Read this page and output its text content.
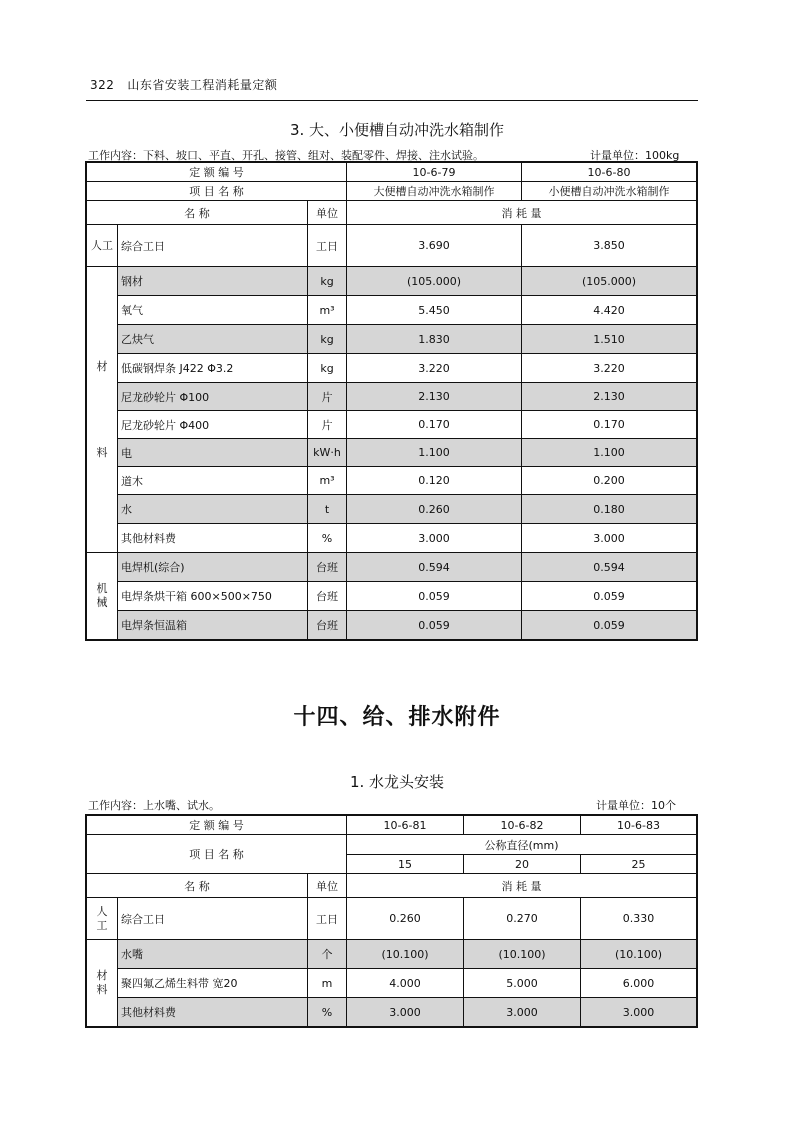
322 山东省安装工程消耗量定额
3. 大、小便槽自动冲洗水箱制作
工作内容：下料、坡口、平直、开孔、接管、组对、装配零件、焊接、注水试验。	计量单位：100kg
定 额 编 号			10-6-79	10-6-80
项 目 名 称			大便槽自动冲洗水箱制作	小便槽自动冲洗水箱制作
名 称		单位	消 耗 量	
人工	综合工日	工日	3.690	3.850

材
料	钢材	kg	(105.000)	(105.000)
	氧气	m³	5.450	4.420
	乙炔气	kg	1.830	1.510
	低碳钢焊条 J422 Φ3.2	kg	3.220	3.220
	尼龙砂轮片 Φ100	片	2.130	2.130
	尼龙砂轮片 Φ400	片	0.170	0.170
	电	kW·h	1.100	1.100
	道木	m³	0.120	0.200
	水	t	0.260	0.180
	其他材料费	%	3.000	3.000
机械	电焊机(综合)	台班	0.594	0.594
	电焊条烘干箱 600×500×750	台班	0.059	0.059
	电焊条恒温箱	台班	0.059	0.059
十四、给、排水附件
1. 水龙头安装
工作内容：上水嘴、试水。	计量单位：10个
定 额 编 号			10-6-81	10-6-82	10-6-83
项 目 名 称			公称直径(mm)		
			15	20	25
名 称		单位	消 耗 量		
人工	综合工日	工日	0.260	0.270	0.330
材料	水嘴	个	(10.100)	(10.100)	(10.100)
	聚四氟乙烯生料带 宽20	m	4.000	5.000	6.000
	其他材料费	%	3.000	3.000	3.000
